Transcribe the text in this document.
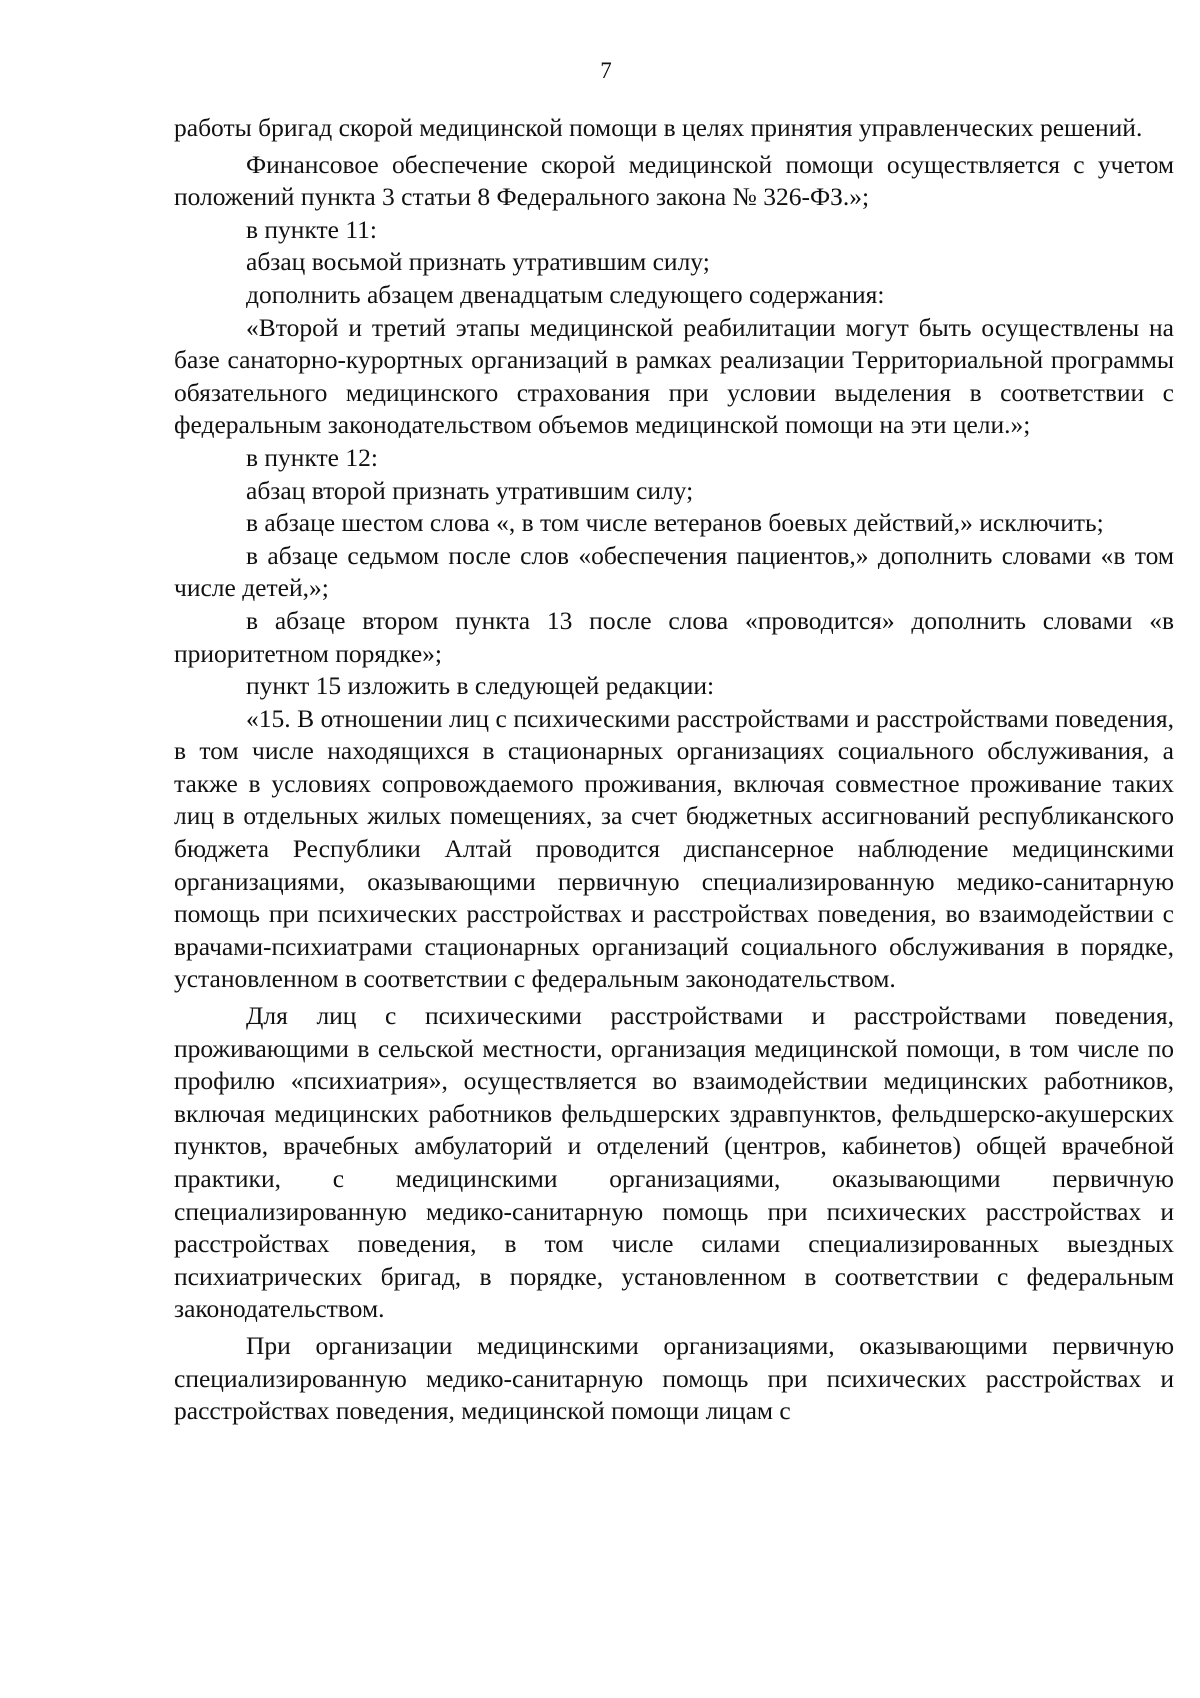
7

работы бригад скорой медицинской помощи в целях принятия управленческих решений.

Финансовое обеспечение скорой медицинской помощи осуществляется с учетом положений пункта 3 статьи 8 Федерального закона № 326-ФЗ.»;

в пункте 11:

абзац восьмой признать утратившим силу;

дополнить абзацем двенадцатым следующего содержания:

«Второй и третий этапы медицинской реабилитации могут быть осуществлены на базе санаторно-курортных организаций в рамках реализации Территориальной программы обязательного медицинского страхования при условии выделения в соответствии с федеральным законодательством объемов медицинской помощи на эти цели.»;

в пункте 12:

абзац второй признать утратившим силу;

в абзаце шестом слова «, в том числе ветеранов боевых действий,» исключить;

в абзаце седьмом после слов «обеспечения пациентов,» дополнить словами «в том числе детей,»;

в абзаце втором пункта 13 после слова «проводится» дополнить словами «в приоритетном порядке»;

пункт 15 изложить в следующей редакции:

«15. В отношении лиц с психическими расстройствами и расстройствами поведения, в том числе находящихся в стационарных организациях социального обслуживания, а также в условиях сопровождаемого проживания, включая совместное проживание таких лиц в отдельных жилых помещениях, за счет бюджетных ассигнований республиканского бюджета Республики Алтай проводится диспансерное наблюдение медицинскими организациями, оказывающими первичную специализированную медико-санитарную помощь при психических расстройствах и расстройствах поведения, во взаимодействии с врачами-психиатрами стационарных организаций социального обслуживания в порядке, установленном в соответствии с федеральным законодательством.

Для лиц с психическими расстройствами и расстройствами поведения, проживающими в сельской местности, организация медицинской помощи, в том числе по профилю «психиатрия», осуществляется во взаимодействии медицинских работников, включая медицинских работников фельдшерских здравпунктов, фельдшерско-акушерских пунктов, врачебных амбулаторий и отделений (центров, кабинетов) общей врачебной практики, с медицинскими организациями, оказывающими первичную специализированную медико-санитарную помощь при психических расстройствах и расстройствах поведения, в том числе силами специализированных выездных психиатрических бригад, в порядке, установленном в соответствии с федеральным законодательством.

При организации медицинскими организациями, оказывающими первичную специализированную медико-санитарную помощь при психических расстройствах и расстройствах поведения, медицинской помощи лицам с
